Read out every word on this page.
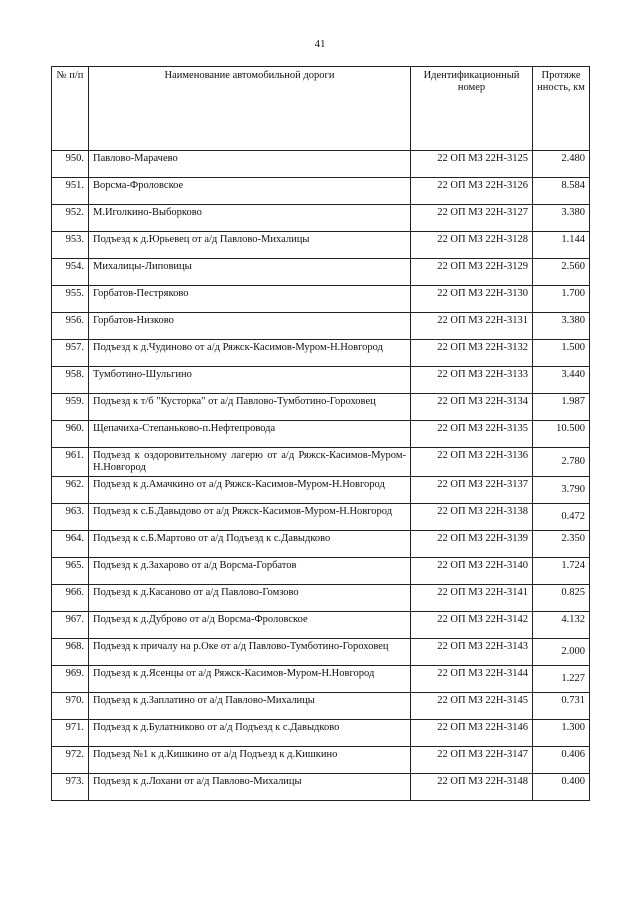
41
№ п/п	Наименование автомобильной дороги	Идентификационный номер	Протяже нность, км
950.	Павлово-Марачево	22 ОП МЗ 22Н-3125	2.480
951.	Ворсма-Фроловское	22 ОП МЗ 22Н-3126	8.584
952.	М.Иголкино-Выборково	22 ОП МЗ 22Н-3127	3.380
953.	Подъезд к д.Юрьевец от а/д Павлово-Михалицы	22 ОП МЗ 22Н-3128	1.144
954.	Михалицы-Липовицы	22 ОП МЗ 22Н-3129	2.560
955.	Горбатов-Пестряково	22 ОП МЗ 22Н-3130	1.700
956.	Горбатов-Низково	22 ОП МЗ 22Н-3131	3.380
957.	Подъезд к д.Чудиново от а/д Ряжск-Касимов-Муром-Н.Новгород	22 ОП МЗ 22Н-3132	1.500
958.	Тумботино-Шульгино	22 ОП МЗ 22Н-3133	3.440
959.	Подъезд к т/б "Кусторка" от а/д Павлово-Тумботино-Гороховец	22 ОП МЗ 22Н-3134	1.987
960.	Щепачиха-Степаньково-п.Нефтепровода	22 ОП МЗ 22Н-3135	10.500
961.	Подъезд к оздоровительному лагерю от а/д Ряжск-Касимов-Муром-Н.Новгород	22 ОП МЗ 22Н-3136	2.780
962.	Подъезд к д.Амачкино от а/д Ряжск-Касимов-Муром-Н.Новгород	22 ОП МЗ 22Н-3137	3.790
963.	Подъезд к с.Б.Давыдово от а/д Ряжск-Касимов-Муром-Н.Новгород	22 ОП МЗ 22Н-3138	0.472
964.	Подъезд к с.Б.Мартово от а/д Подъезд к с.Давыдково	22 ОП МЗ 22Н-3139	2.350
965.	Подъезд к д.Захарово от а/д Ворсма-Горбатов	22 ОП МЗ 22Н-3140	1.724
966.	Подъезд к д.Касаново от а/д Павлово-Гомзово	22 ОП МЗ 22Н-3141	0.825
967.	Подъезд к д.Дуброво от а/д Ворсма-Фроловское	22 ОП МЗ 22Н-3142	4.132
968.	Подъезд к причалу на р.Оке от а/д Павлово-Тумботино-Гороховец	22 ОП МЗ 22Н-3143	2.000
969.	Подъезд к д.Ясенцы от а/д Ряжск-Касимов-Муром-Н.Новгород	22 ОП МЗ 22Н-3144	1.227
970.	Подъезд к д.Заплатино от а/д Павлово-Михалицы	22 ОП МЗ 22Н-3145	0.731
971.	Подъезд к д.Булатниково от а/д Подъезд к с.Давыдково	22 ОП МЗ 22Н-3146	1.300
972.	Подъезд №1 к д.Кишкино от а/д Подъезд к д.Кишкино	22 ОП МЗ 22Н-3147	0.406
973.	Подъезд к д.Лохани от а/д Павлово-Михалицы	22 ОП МЗ 22Н-3148	0.400
